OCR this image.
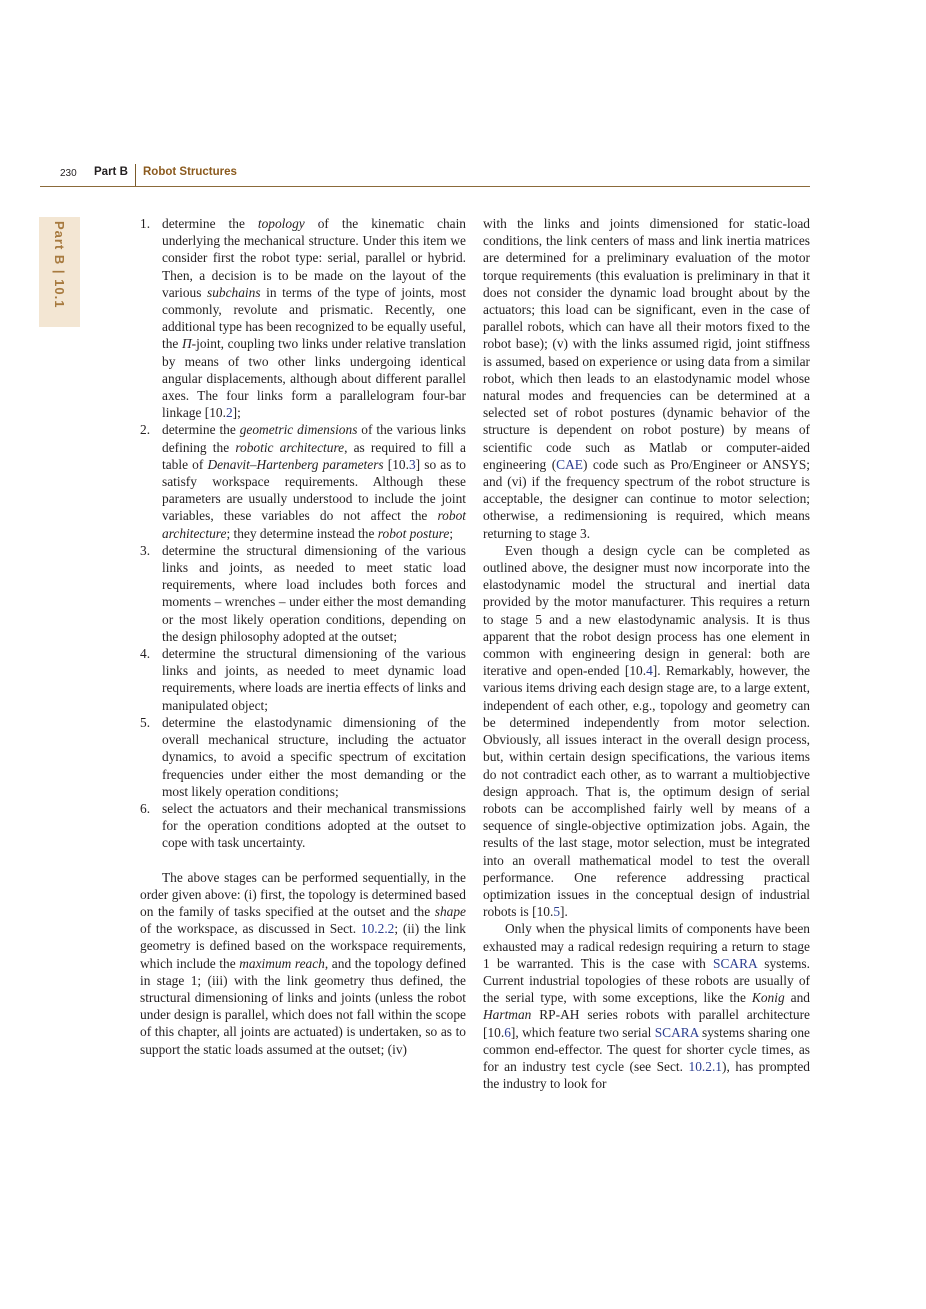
230 Part B Robot Structures
Part B | 10.1	1. determine the topology of the kinematic chain underlying the mechanical structure. Under this item we consider first the robot type: serial, parallel or hybrid. Then, a decision is to be made on the layout of the various subchains in terms of the type of joints, most commonly, revolute and prismatic. Recently, one additional type has been recognized to be equally useful, the Π-joint, coupling two links under relative translation by means of two other links undergoing identical angular displacements, although about different parallel axes. The four links form a parallelogram four-bar linkage [10.2];
2. determine the geometric dimensions of the various links defining the robotic architecture, as required to fill a table of Denavit–Hartenberg parameters [10.3] so as to satisfy workspace requirements. Although these parameters are usually understood to include the joint variables, these variables do not affect the robot architecture; they determine instead the robot posture;
3. determine the structural dimensioning of the various links and joints, as needed to meet static load requirements, where load includes both forces and moments – wrenches – under either the most demanding or the most likely operation conditions, depending on the design philosophy adopted at the outset;
4. determine the structural dimensioning of the various links and joints, as needed to meet dynamic load requirements, where loads are inertia effects of links and manipulated object;
5. determine the elastodynamic dimensioning of the overall mechanical structure, including the actuator dynamics, to avoid a specific spectrum of excitation frequencies under either the most demanding or the most likely operation conditions;
6. select the actuators and their mechanical transmissions for the operation conditions adopted at the outset to cope with task uncertainty.

The above stages can be performed sequentially, in the order given above: (i) first, the topology is determined based on the family of tasks specified at the outset and the shape of the workspace, as discussed in Sect. 10.2.2; (ii) the link geometry is defined based on the workspace requirements, which include the maximum reach, and the topology defined in stage 1; (iii) with the link geometry thus defined, the structural dimensioning of links and joints (unless the robot under design is parallel, which does not fall within the scope of this chapter, all joints are actuated) is undertaken, so as to support the static loads assumed at the outset; (iv)

with the links and joints dimensioned for static-load conditions, the link centers of mass and link inertia matrices are determined for a preliminary evaluation of the motor torque requirements (this evaluation is preliminary in that it does not consider the dynamic load brought about by the actuators; this load can be significant, even in the case of parallel robots, which can have all their motors fixed to the robot base); (v) with the links assumed rigid, joint stiffness is assumed, based on experience or using data from a similar robot, which then leads to an elastodynamic model whose natural modes and frequencies can be determined at a selected set of robot postures (dynamic behavior of the structure is dependent on robot posture) by means of scientific code such as Matlab or computer-aided engineering (CAE) code such as Pro/Engineer or ANSYS; and (vi) if the frequency spectrum of the robot structure is acceptable, the designer can continue to motor selection; otherwise, a redimensioning is required, which means returning to stage 3.

Even though a design cycle can be completed as outlined above, the designer must now incorporate into the elastodynamic model the structural and inertial data provided by the motor manufacturer. This requires a return to stage 5 and a new elastodynamic analysis. It is thus apparent that the robot design process has one element in common with engineering design in general: both are iterative and open-ended [10.4]. Remarkably, however, the various items driving each design stage are, to a large extent, independent of each other, e.g., topology and geometry can be determined independently from motor selection. Obviously, all issues interact in the overall design process, but, within certain design specifications, the various items do not contradict each other, as to warrant a multiobjective design approach. That is, the optimum design of serial robots can be accomplished fairly well by means of a sequence of single-objective optimization jobs. Again, the results of the last stage, motor selection, must be integrated into an overall mathematical model to test the overall performance. One reference addressing practical optimization issues in the conceptual design of industrial robots is [10.5].

Only when the physical limits of components have been exhausted may a radical redesign requiring a return to stage 1 be warranted. This is the case with SCARA systems. Current industrial topologies of these robots are usually of the serial type, with some exceptions, like the Konig and Hartman RP-AH series robots with parallel architecture [10.6], which feature two serial SCARA systems sharing one common end-effector. The quest for shorter cycle times, as for an industry test cycle (see Sect. 10.2.1), has prompted the industry to look for
